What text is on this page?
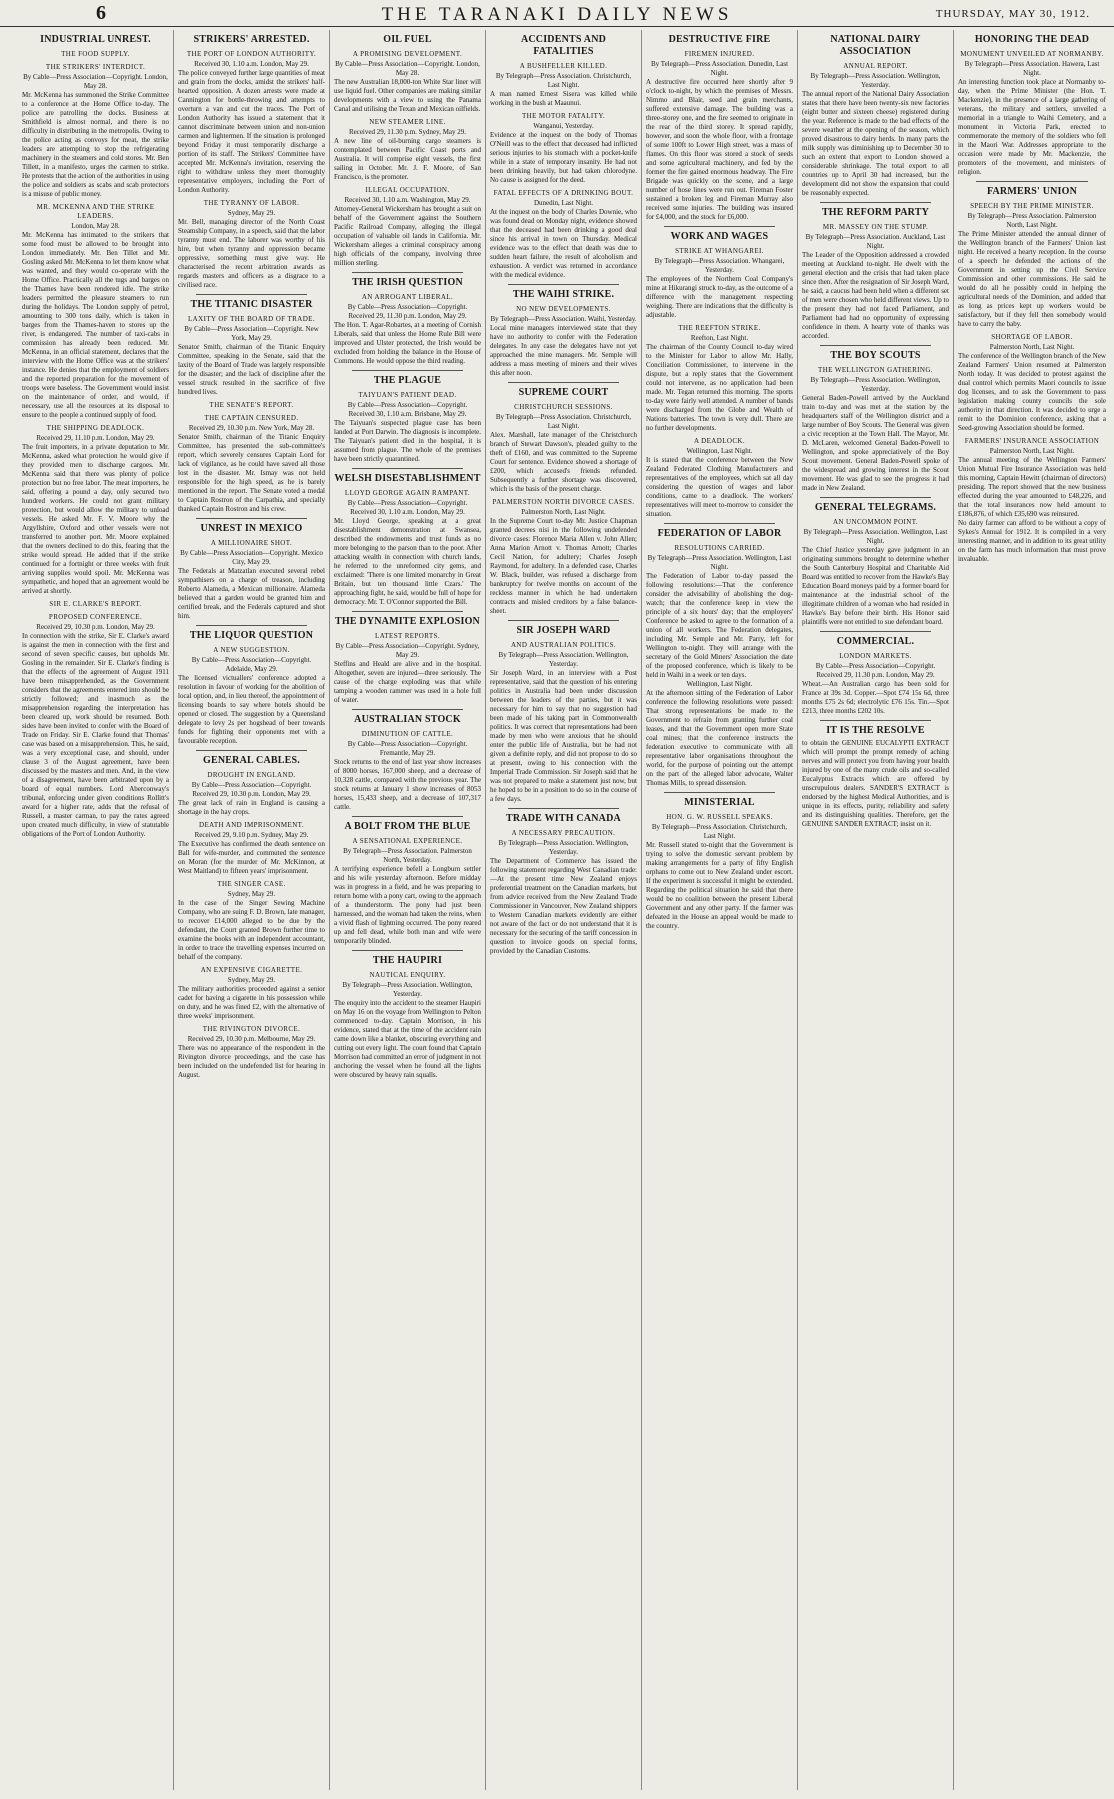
6	THE TARANAKI DAILY NEWS	THURSDAY, MAY 30, 1912.
INDUSTRIAL UNREST.
THE FOOD SUPPLY.
THE STRIKERS' INTERDICT.

By Cable—Press Association—Copyright. London, May 28.

Mr. McKenna has summoned the Strike Committee to a conference at the Home Office to-day. The police are patrolling the docks. Business at Smithfield is almost normal, and there is no difficulty in distributing in the metropolis. Owing to the police acting as convoys for meat, the strike leaders are attempting to stop the refrigerating machinery in the steamers and cold stores. Mr. Ben Tillett, in a manifesto, urges the carmen to strike. He protests that the action of the authorities in using the police and soldiers as scabs and scab protectors is a misuse of public money.

MR. MCKENNA AND THE STRIKE LEADERS.

London, May 28.

Mr. McKenna has intimated to the strikers that some food must be allowed to be brought into London immediately. Mr. Ben Tillet and Mr. Gosling asked Mr. McKenna to let them know what was wanted, and they would co-operate with the Home Office. Practically all the tugs and barges on the Thames have been rendered idle. The strike leaders permitted the pleasure steamers to run during the holidays. The London supply of petrol, amounting to 300 tons daily, which is taken in barges from the Thames-haven to stores up the river, is endangered. The number of taxi-cabs in commission has already been reduced. Mr. McKenna, in an official statement, declares that the interview with the Home Office was at the strikers' instance. He denies that the employment of soldiers and the reported preparation for the movement of troops were baseless. The Government would insist on the maintenance of order, and would, if necessary, use all the resources at its disposal to ensure to the people a continued supply of food.

THE SHIPPING DEADLOCK.

Received 29, 11.10 p.m. London, May 29.

The fruit importers, in a private deputation to Mr. McKenna, asked what protection he would give if they provided men to discharge cargoes. Mr. McKenna said that there was plenty of police protection but no free labor. The meat importers, he said, offering a pound a day, only secured two hundred workers. He could not grant military protection, but would allow the military to unload vessels. He asked Mr. F. V. Moore why the Argyllshire, Oxford and other vessels were not transferred to another port. Mr. Moore explained that the owners declined to do this, fearing that the strike would spread. He added that if the strike continued for a fortnight or three weeks with fruit arriving supplies would spoil. Mr. McKenna was sympathetic, and hoped that an agreement would be arrived at shortly.

SIR E. CLARKE'S REPORT.
PROPOSED CONFERENCE.

Received 29, 10.30 p.m. London, May 29.

In connection with the strike, Sir E. Clarke's award is against the men in connection with the first and second of seven specific causes, but upholds Mr. Gosling in the remainder. Sir E. Clarke's finding is that the effects of the agreement of August 1911 have been misapprehended, as the Government considers that the agreements entered into should be strictly followed; and inasmuch as the misapprehension regarding the interpretation has been cleared up, work should be resumed. Both sides have been invited to confer with the Board of Trade on Friday. Sir E. Clarke found that Thomas' case was based on a misapprehension. This, he said, was a very exceptional case, and should, under clause 3 of the August agreement, have been discussed by the masters and men. And, in the view of a disagreement, have been arbitrated upon by a board of equal numbers. Lord Aberconway's tribunal, enforcing under given conditions Rollitt's award for a higher rate, adds that the refusal of Russell, a master carman, to pay the rates agreed upon created much difficulty, in view of statutable obligations of the Port of London Authority.

STRIKERS' ARRESTED.
THE PORT OF LONDON AUTHORITY.

Received 30, 1.10 a.m. London, May 29.

The police conveyed further large quantities of meat and grain from the docks, amidst the strikers' half-hearted opposition. A dozen arrests were made at Cannington for bottle-throwing and attempts to overturn a van and cut the traces. The Port of London Authority has issued a statement that it cannot discriminate between union and non-union carmen and lightermen. If the situation is prolonged beyond Friday it must temporarily discharge a portion of its staff. The Strikers' Committee have accepted Mr. McKenna's invitation, reserving the right to withdraw unless they meet thoroughly representative employers, including the Port of London Authority.

THE TYRANNY OF LABOR.

Sydney, May 29.

Mr. Bell, managing director of the North Coast Steamship Company, in a speech, said that the labor tyranny must end. The laborer was worthy of his hire, but when tyranny and oppression became oppressive, something must give way. He characterised the recent arbitration awards as regards masters and officers as a disgrace to a civilised race.

THE TITANIC DISASTER
LAXITY OF THE BOARD OF TRADE.

By Cable—Press Association—Copyright. New York, May 29.

Senator Smith, chairman of the Titanic Enquiry Committee, speaking in the Senate, said that the laxity of the Board of Trade was largely responsible for the disaster; and the lack of discipline after the vessel struck resulted in the sacrifice of five hundred lives.

THE SENATE'S REPORT.
THE CAPTAIN CENSURED.

Received 29, 10.30 p.m. New York, May 28.

Senator Smith, chairman of the Titanic Enquiry Committee, has presented the sub-committee's report, which severely censures Captain Lord for lack of vigilance, as he could have saved all those lost in the disaster. Mr. Ismay was not held responsible for the high speed, as he is barely mentioned in the report. The Senate voted a medal to Captain Rostron of the Carpathia, and specially thanked Captain Rostron and his crew.

UNREST IN MEXICO
A MILLIONAIRE SHOT.

By Cable—Press Association—Copyright. Mexico City, May 29.

The Federals at Matzatlan executed several rebel sympathisers on a charge of treason, including Roberto Alameda, a Mexican millionaire. Alameda believed that a garden would be granted him and certified break, and the Federals captured and shot him.

THE LIQUOR QUESTION
A NEW SUGGESTION.

By Cable—Press Association—Copyright. Adelaide, May 29.

The licensed victuallers' conference adopted a resolution in favour of working for the abolition of local option, and, in lieu thereof, the appointment of licensing boards to say where hotels should be opened or closed. The suggestion by a Queensland delegate to levy 2s per hogshead of beer towards funds for fighting their opponents met with a favourable reception.

GENERAL CABLES.
DROUGHT IN ENGLAND.

By Cable—Press Association—Copyright. Received 29, 10.30 p.m. London, May 29.

The great lack of rain in England is causing a shortage in the hay crops.

DEATH AND IMPRISONMENT.

Received 29, 9.10 p.m. Sydney, May 29.

The Executive has confirmed the death sentence on Ball for wife-murder, and commuted the sentence on Moran (for the murder of Mr. McKinnon, at West Maitland) to fifteen years' imprisonment.

THE SINGER CASE.

Sydney, May 29.

In the case of the Singer Sewing Machine Company, who are suing F. D. Brown, late manager, to recover £14,000 alleged to be due by the defendant, the Court granted Brown further time to examine the books with an independent accountant, in order to trace the travelling expenses incurred on behalf of the company.

AN EXPENSIVE CIGARETTE.

Sydney, May 29.

The military authorities proceeded against a senior cadet for having a cigarette in his possession while on duty, and he was fined £2, with the alternative of three weeks' imprisonment.

THE RIVINGTON DIVORCE.

Received 29, 10.30 p.m. Melbourne, May 29.

There was no appearance of the respondent in the Rivington divorce proceedings, and the case has been included on the undefended list for hearing in August.

OIL FUEL
A PROMISING DEVELOPMENT.

By Cable—Press Association—Copyright. London, May 28.

The new Australian 18,000-ton White Star liner will use liquid fuel. Other companies are making similar developments with a view to using the Panama Canal and utilising the Texan and Mexican oilfields.

NEW STEAMER LINE.

Received 29, 11.30 p.m. Sydney, May 29.

A new line of oil-burning cargo steamers is contemplated between Pacific Coast ports and Australia. It will comprise eight vessels, the first sailing in October. Mr. J. F. Moore, of San Francisco, is the promoter.

ILLEGAL OCCUPATION.

Received 30, 1.10 a.m. Washington, May 29.

Attorney-General Wickersham has brought a suit on behalf of the Government against the Southern Pacific Railroad Company, alleging the illegal occupation of valuable oil lands in California. Mr. Wickersham alleges a criminal conspiracy among high officials of the company, involving three million sterling.

THE IRISH QUESTION
AN ARROGANT LIBERAL.

By Cable—Press Association—Copyright. Received 29, 11.30 p.m. London, May 29.

The Hon. T. Agar-Robartes, at a meeting of Cornish Liberals, said that unless the Home Rule Bill were improved and Ulster protected, the Irish would be excluded from holding the balance in the House of Commons. He would oppose the third reading.

THE PLAGUE
TAIYUAN'S PATIENT DEAD.

By Cable—Press Association—Copyright. Received 30, 1.10 a.m. Brisbane, May 29.

The Taiyuan's suspected plague case has been landed at Port Darwin. The diagnosis is incomplete. The Taiyuan's patient died in the hospital, it is assumed from plague. The whole of the premises have been strictly quarantined.

WELSH DISESTABLISHMENT
LLOYD GEORGE AGAIN RAMPANT.

By Cable—Press Association—Copyright. Received 30, 1.10 a.m. London, May 29.

Mr. Lloyd George, speaking at a great disestablishment demonstration at Swansea, described the endowments and trust funds as no more belonging to the parson than to the poor. After attacking wealth in connection with church lands, he referred to the unreformed city gems, and exclaimed: 'There is one limited monarchy in Great Britain, but ten thousand little Czars.' The approaching fight, he said, would be full of hope for democracy. Mr. T. O'Connor supported the Bill.

THE DYNAMITE EXPLOSION
LATEST REPORTS.

By Cable—Press Association—Copyright. Sydney, May 29.

Steffins and Heald are alive and in the hospital. Altogether, seven are injured—three seriously. The cause of the charge exploding was that while tamping a wooden rammer was used in a hole full of water.

AUSTRALIAN STOCK
DIMINUTION OF CATTLE.

By Cable—Press Association—Copyright. Fremantle, May 29.

Stock returns to the end of last year show increases of 8000 horses, 167,000 sheep, and a decrease of 10,328 cattle, compared with the previous year. The stock returns at January 1 show increases of 8053 horses, 15,433 sheep, and a decrease of 107,317 cattle.

A BOLT FROM THE BLUE
A SENSATIONAL EXPERIENCE.

By Telegraph—Press Association. Palmerston North, Yesterday.

A terrifying experience befell a Longburn settler and his wife yesterday afternoon. Before midday was in progress in a field, and he was preparing to return home with a pony cart, owing to the approach of a thunderstorm. The pony had just been harnessed, and the woman had taken the reins, when a vivid flash of lightning occurred. The pony reared up and fell dead, while both man and wife were temporarily blinded.

THE HAUPIRI
NAUTICAL ENQUIRY.

By Telegraph—Press Association. Wellington, Yesterday.

The enquiry into the accident to the steamer Haupiri on May 16 on the voyage from Wellington to Pelton commenced to-day. Captain Morrison, in his evidence, stated that at the time of the accident rain came down like a blanket, obscuring everything and cutting out every light. The court found that Captain Morrison had committed an error of judgment in not anchoring the vessel when he found all the lights were obscured by heavy rain squalls.

ACCIDENTS AND FATALITIES
A BUSHFELLER KILLED.

By Telegraph—Press Association. Christchurch, Last Night.

A man named Ernest Sisera was killed while working in the bush at Maaunui.

THE MOTOR FATALITY.

Wanganui, Yesterday.

Evidence at the inquest on the body of Thomas O'Neill was to the effect that deceased had inflicted serious injuries to his stomach with a pocket-knife while in a state of temporary insanity. He had not been drinking heavily, but had taken chlorodyne. No cause is assigned for the deed.

FATAL EFFECTS OF A DRINKING BOUT.

Dunedin, Last Night.

At the inquest on the body of Charles Downie, who was found dead on Monday night, evidence showed that the deceased had been drinking a good deal since his arrival in town on Thursday. Medical evidence was to the effect that death was due to sudden heart failure, the result of alcoholism and exhaustion. A verdict was returned in accordance with the medical evidence.

THE WAIHI STRIKE.
NO NEW DEVELOPMENTS.

By Telegraph—Press Association. Waihi, Yesterday.

Local mine managers interviewed state that they have no authority to confer with the Federation delegates. In any case the delegates have not yet approached the mine managers. Mr. Semple will address a mass meeting of miners and their wives this after noon.

SUPREME COURT
CHRISTCHURCH SESSIONS.

By Telegraph—Press Association. Christchurch, Last Night.

Alex. Marshall, late manager of the Christchurch branch of Stewart Dawson's, pleaded guilty to the theft of £160, and was committed to the Supreme Court for sentence. Evidence showed a shortage of £200, which accused's friends refunded. Subsequently a further shortage was discovered, which is the basis of the present charge.

PALMERSTON NORTH DIVORCE CASES.

Palmerston North, Last Night.

In the Supreme Court to-day Mr. Justice Chapman granted decrees nisi in the following undefended divorce cases: Florence Maria Allen v. John Allen; Anna Marion Arnott v. Thomas Arnott; Charles Cecil Nation, for adultery; Charles Joseph Raymond, for adultery. In a defended case, Charles W. Black, builder, was refused a discharge from bankruptcy for twelve months on account of the reckless manner in which he had undertaken contracts and misled creditors by a false balance-sheet.

SIR JOSEPH WARD
AND AUSTRALIAN POLITICS.

By Telegraph—Press Association. Wellington, Yesterday.

Sir Joseph Ward, in an interview with a Post representative, said that the question of his entering politics in Australia had been under discussion between the leaders of the parties, but it was necessary for him to say that no suggestion had been made of his taking part in Commonwealth politics. It was correct that representations had been made by men who were anxious that he should enter the public life of Australia, but he had not given a definite reply, and did not propose to do so at present, owing to his connection with the Imperial Trade Commission. Sir Joseph said that he was not prepared to make a statement just now, but he hoped to be in a position to do so in the course of a few days.

TRADE WITH CANADA
A NECESSARY PRECAUTION.

By Telegraph—Press Association. Wellington, Yesterday.

The Department of Commerce has issued the following statement regarding West Canadian trade:—At the present time New Zealand enjoys preferential treatment on the Canadian markets, but from advice received from the New Zealand Trade Commissioner in Vancouver, New Zealand shippers to Western Canadian markets evidently are either not aware of the fact or do not understand that it is necessary for the securing of the tariff concession in question to invoice goods on special forms, provided by the Canadian Customs.

DESTRUCTIVE FIRE
FIREMEN INJURED.

By Telegraph—Press Association. Dunedin, Last Night.

A destructive fire occurred here shortly after 9 o'clock to-night, by which the premises of Messrs. Nimmo and Blair, seed and grain merchants, suffered extensive damage. The building was a three-storey one, and the fire seemed to originate in the rear of the third storey. It spread rapidly, however, and soon the whole floor, with a frontage of some 100ft to Lower High street, was a mass of flames. On this floor was stored a stock of seeds and some agricultural machinery, and fed by the former the fire gained enormous headway. The Fire Brigade was quickly on the scene, and a large number of hose lines were run out. Fireman Foster sustained a broken leg and Fireman Murray also received some injuries. The building was insured for £4,000, and the stock for £6,000.

WORK AND WAGES
STRIKE AT WHANGAREI.

By Telegraph—Press Association. Whangarei, Yesterday.

The employees of the Northern Coal Company's mine at Hikurangi struck to-day, as the outcome of a difference with the management respecting weighing. There are indications that the difficulty is adjustable.

THE REEFTON STRIKE.

Reefton, Last Night.

The chairman of the County Council to-day wired to the Minister for Labor to allow Mr. Hally, Conciliation Commissioner, to intervene in the dispute, but a reply states that the Government could not intervene, as no application had been made. Mr. Tegan returned this morning. The sports to-day were fairly well attended. A number of bands were discharged from the Globe and Wealth of Nations batteries. The town is very dull. There are no further developments.

A DEADLOCK.

Wellington, Last Night.

It is stated that the conference between the New Zealand Federated Clothing Manufacturers and representatives of the employees, which sat all day considering the question of wages and labor conditions, came to a deadlock. The workers' representatives will meet to-morrow to consider the situation.

FEDERATION OF LABOR
RESOLUTIONS CARRIED.

By Telegraph—Press Association. Wellington, Last Night.

The Federation of Labor to-day passed the following resolutions:—That the conference consider the advisability of abolishing the dog-watch; that the conference keep in view the principle of a six hours' day; that the employers' Conference be asked to agree to the formation of a union of all workers. The Federation delegates, including Mr. Semple and Mr. Parry, left for Wellington to-night. They will arrange with the secretary of the Gold Miners' Association the date of the proposed conference, which is likely to be held in Waihi in a week or ten days.

Wellington, Last Night.

At the afternoon sitting of the Federation of Labor conference the following resolutions were passed: That strong representations be made to the Government to refrain from granting further coal leases, and that the Government open more State coal mines; that the conference instructs the federation executive to communicate with all representative labor organisations throughout the world, for the purpose of pointing out the attempt on the part of the alleged labor advocate, Walter Thomas Mills, to spread dissension.

MINISTERIAL
HON. G. W. RUSSELL SPEAKS.

By Telegraph—Press Association. Christchurch, Last Night.

Mr. Russell stated to-night that the Government is trying to solve the domestic servant problem by making arrangements for a party of fifty English orphans to come out to New Zealand under escort. If the experiment is successful it might be extended. Regarding the political situation he said that there would be no coalition between the present Liberal Government and any other party. If the farmer was defeated in the House an appeal would be made to the country.

NATIONAL DAIRY ASSOCIATION
ANNUAL REPORT.

By Telegraph—Press Association. Wellington, Yesterday.

The annual report of the National Dairy Association states that there have been twenty-six new factories (eight butter and sixteen cheese) registered during the year. Reference is made to the bad effects of the severe weather at the opening of the season, which proved disastrous to dairy herds. In many parts the milk supply was diminishing up to December 30 to such an extent that export to London showed a considerable shrinkage. The total export to all countries up to April 30 had increased, but the development did not show the expansion that could be reasonably expected.

THE REFORM PARTY
MR. MASSEY ON THE STUMP.

By Telegraph—Press Association. Auckland, Last Night.

The Leader of the Opposition addressed a crowded meeting at Auckland to-night. He dwelt with the general election and the crisis that had taken place since then. After the resignation of Sir Joseph Ward, he said, a caucus had been held when a different set of men were chosen who held different views. Up to the present they had not faced Parliament, and Parliament had had no opportunity of expressing confidence in them. A hearty vote of thanks was accorded.

THE BOY SCOUTS
THE WELLINGTON GATHERING.

By Telegraph—Press Association. Wellington, Yesterday.

General Baden-Powell arrived by the Auckland train to-day and was met at the station by the headquarters staff of the Wellington district and a large number of Boy Scouts. The General was given a civic reception at the Town Hall. The Mayor, Mr. D. McLaren, welcomed General Baden-Powell to Wellington, and spoke appreciatively of the Boy Scout movement. General Baden-Powell spoke of the widespread and growing interest in the Scout movement. He was glad to see the progress it had made in New Zealand.

GENERAL TELEGRAMS.
AN UNCOMMON POINT.

By Telegraph—Press Association. Wellington, Last Night.

The Chief Justice yesterday gave judgment in an originating summons brought to determine whether the South Canterbury Hospital and Charitable Aid Board was entitled to recover from the Hawke's Bay Education Board moneys paid by a former board for maintenance at the industrial school of the illegitimate children of a woman who had resided in Hawke's Bay before their birth. His Honor said plaintiffs were not entitled to sue defendant board.

COMMERCIAL.
LONDON MARKETS.

By Cable—Press Association—Copyright. Received 29, 11.30 p.m. London, May 29.

Wheat.—An Australian cargo has been sold for France at 39s 3d. Copper.—Spot £74 15s 6d, three months £75 2s 6d; electrolytic £76 15s. Tin.—Spot £213, three months £202 10s.

IT IS THE RESOLVE

to obtain the GENUINE EUCALYPTI EXTRACT which will prompt the prompt remedy of aching nerves and will protect you from having your health injured by one of the many crude oils and so-called Eucalyptus Extracts which are offered by unscrupulous dealers. SANDER'S EXTRACT is endorsed by the highest Medical Authorities, and is unique in its effects, purity, reliability and safety and its distinguishing qualities. Therefore, get the GENUINE SANDER EXTRACT; insist on it.

HONORING THE DEAD
MONUMENT UNVEILED AT NORMANBY.

By Telegraph—Press Association. Hawera, Last Night.

An interesting function took place at Normanby to-day, when the Prime Minister (the Hon. T. Mackenzie), in the presence of a large gathering of veterans, the military and settlers, unveiled a memorial in a triangle to Waihi Cemetery, and a monument in Victoria Park, erected to commemorate the memory of the soldiers who fell in the Maori War. Addresses appropriate to the occasion were made by Mr. Mackenzie, the promoters of the movement, and ministers of religion.

FARMERS' UNION
SPEECH BY THE PRIME MINISTER.

By Telegraph—Press Association. Palmerston North, Last Night.

The Prime Minister attended the annual dinner of the Wellington branch of the Farmers' Union last night. He received a hearty reception. In the course of a speech he defended the actions of the Government in setting up the Civil Service Commission and other commissions. He said he would do all he possibly could in helping the agricultural needs of the Dominion, and added that as long as prices kept up workers would be satisfactory, but if they fell then somebody would have to carry the baby.

SHORTAGE OF LABOR.

Palmerston North, Last Night.

The conference of the Wellington branch of the New Zealand Farmers' Union resumed at Palmerston North today. It was decided to protest against the dual control which permits Maori councils to issue dog licenses, and to ask the Government to pass legislation making county councils the sole authority in that direction. It was decided to urge a remit to the Dominion conference, asking that a Seed-growing Association should be formed.

FARMERS' INSURANCE ASSOCIATION

Palmerston North, Last Night.

The annual meeting of the Wellington Farmers' Union Mutual Fire Insurance Association was held this morning, Captain Hewitt (chairman of directors) presiding. The report showed that the new business effected during the year amounted to £48,226, and that the total insurances now held amount to £186,876, of which £35,690 was reinsured.

No dairy farmer can afford to be without a copy of Sykes's Annual for 1912. It is compiled in a very interesting manner, and in addition to its great utility on the farm has much information that must prove invaluable.
